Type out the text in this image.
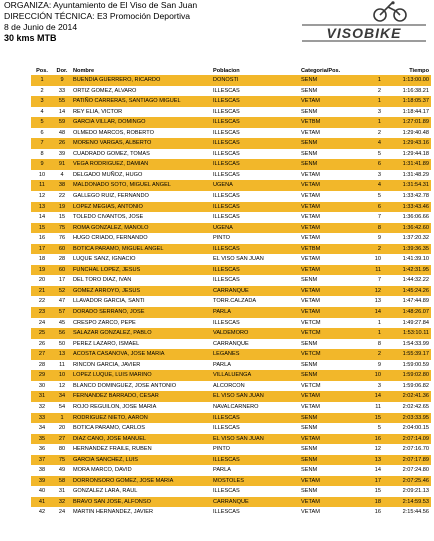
ORGANIZA: Ayuntamiento de El Viso de San Juan
DIRECCIÓN TÉCNICA: E3 Promoción Deportiva
8 de Junio de 2014
30 kms MTB	VISOBIKE
Pos.	Dor.	Nombre	Poblacion	Categoria/Pos.		Tiempo
1	9	BUENDIA GUERRERO, RICARDO	DONOSTI	SENM	1	1:13:00.00
2	33	ORTIZ GOMEZ, ALVARO	ILLESCAS	SENM	2	1:16:38.21
3	55	PATIÑO CARRERAS, SANTIAGO MIGUEL	ILLESCAS	VETAM	1	1:18:05.37
4	14	REY ELIA, VICTOR	ILLESCAS	SENM	3	1:18:44.17
5	59	GARCIA VILLAR, DOMINGO	ILLESCAS	VETBM	1	1:27:01.89
6	48	OLMEDO MARCOS, ROBERTO	ILLESCAS	VETAM	2	1:29:40.48
7	26	MORENO VARGAS, ALBERTO	ILLESCAS	SENM	4	1:29:43.16
8	39	CUADRADO GOMEZ, TOMAS	ILLESCAS	SENM	5	1:29:44.18
9	91	VEGA RODRIGUEZ, DAMIAN	ILLESCAS	SENM	6	1:31:41.89
10	4	DELGADO MUÑOZ, HUGO	ILLESCAS	VETAM	3	1:31:48.29
11	38	MALDONADO SOTO, MIGUEL ANGEL	UGENA	VETAM	4	1:31:54.31
12	22	GALLEGO RUIZ, FERNANDO	ILLESCAS	VETAM	5	1:33:42.78
13	19	LOPEZ MEGIAS, ANTONIO	ILLESCAS	VETAM	6	1:33:43.46
14	15	TOLEDO CIVANTOS, JOSE	ILLESCAS	VETAM	7	1:36:06.66
15	75	ROMA GONZALEZ, MANOLO	UGENA	VETAM	8	1:36:42.60
16	76	HUGO CRIADO, FERNANDO	PINTO	VETAM	9	1:37:20.32
17	60	BOTICA PARAMO, MIGUEL ANGEL	ILLESCAS	VETBM	2	1:39:36.35
18	28	LUQUE SANZ, IGNACIO	EL VISO SAN JUAN	VETAM	10	1:41:39.10
19	60	FUNCHAL LOPEZ, JESUS	ILLESCAS	VETAM	11	1:42:31.95
20	17	DEL TORO DIAZ, IVAN	ILLESCAS	SENM	7	1:44:32.22
21	52	GOMEZ ARROYO, JESUS	CARRANQUE	VETAM	12	1:45:24.26
22	47	LLAVADOR GARCIA, SANTI	TORR.CALZADA	VETAM	13	1:47:44.89
23	57	DORADO SERRANO, JOSE	PARLA	VETAM	14	1:48:26.07
24	45	CRESPO ZARCO, PEPE	ILLESCAS	VETCM	1	1:49:27.84
25	56	SALAZAR GONZALEZ, PABLO	VALDEMORO	VETCM	1	1:53:10.11
26	50	PEREZ LAZARO, ISMAEL	CARRANQUE	SENM	8	1:54:33.99
27	13	ACOSTA CASANOVA, JOSE MARIA	LEGANES	VETCM	2	1:55:39.17
28	11	RINCON GARCIA, JAVIER	PARLA	SENM	9	1:59:00.59
29	10	LOPEZ LUQUE, LUIS MARINO	VILLALUENGA	SENM	10	1:59:02.80
30	12	BLANCO DOMINGUEZ, JOSE ANTONIO	ALCORCON	VETCM	3	1:59:06.82
31	34	FERNANDEZ BARRADO, CESAR	EL VISO SAN JUAN	VETAM	14	2:02:41.36
32	54	ROJO REGUILON, JOSE MARIA	NAVALCARNERO	VETAM	11	2:02:42.65
33	1	RODRIGUEZ NIETO, AARON	ILLESCAS	SENM	15	2:03:33.95
34	20	BOTICA PARAMO, CARLOS	ILLESCAS	SENM	5	2:04:00.15
35	27	DIAZ CANO, JOSE MANUEL	EL VISO SAN JUAN	VETAM	16	2:07:14.09
36	80	HERNANDEZ FRAILE, RUBEN	PINTO	SENM	12	2:07:16.70
37	75	GARCIA SANCHEZ, LUIS	ILLESCAS	SENM	13	2:07:17.89
38	49	MORA MARCO, DAVID	PARLA	SENM	14	2:07:24.80
39	58	DORRONSORO GOMEZ, JOSE MARIA	MOSTOLES	VETAM	17	2:07:25.46
40	31	GONZALEZ LARA, RAUL	ILLESCAS	SENM	15	2:09:21.13
41	32	BRAVO SAN JOSE, ALFONSO	CARRANQUE	VETAM	18	2:14:59.53
42	24	MARTIN HERNANDEZ, JAVIER	ILLESCAS	VETAM	16	2:15:44.56
